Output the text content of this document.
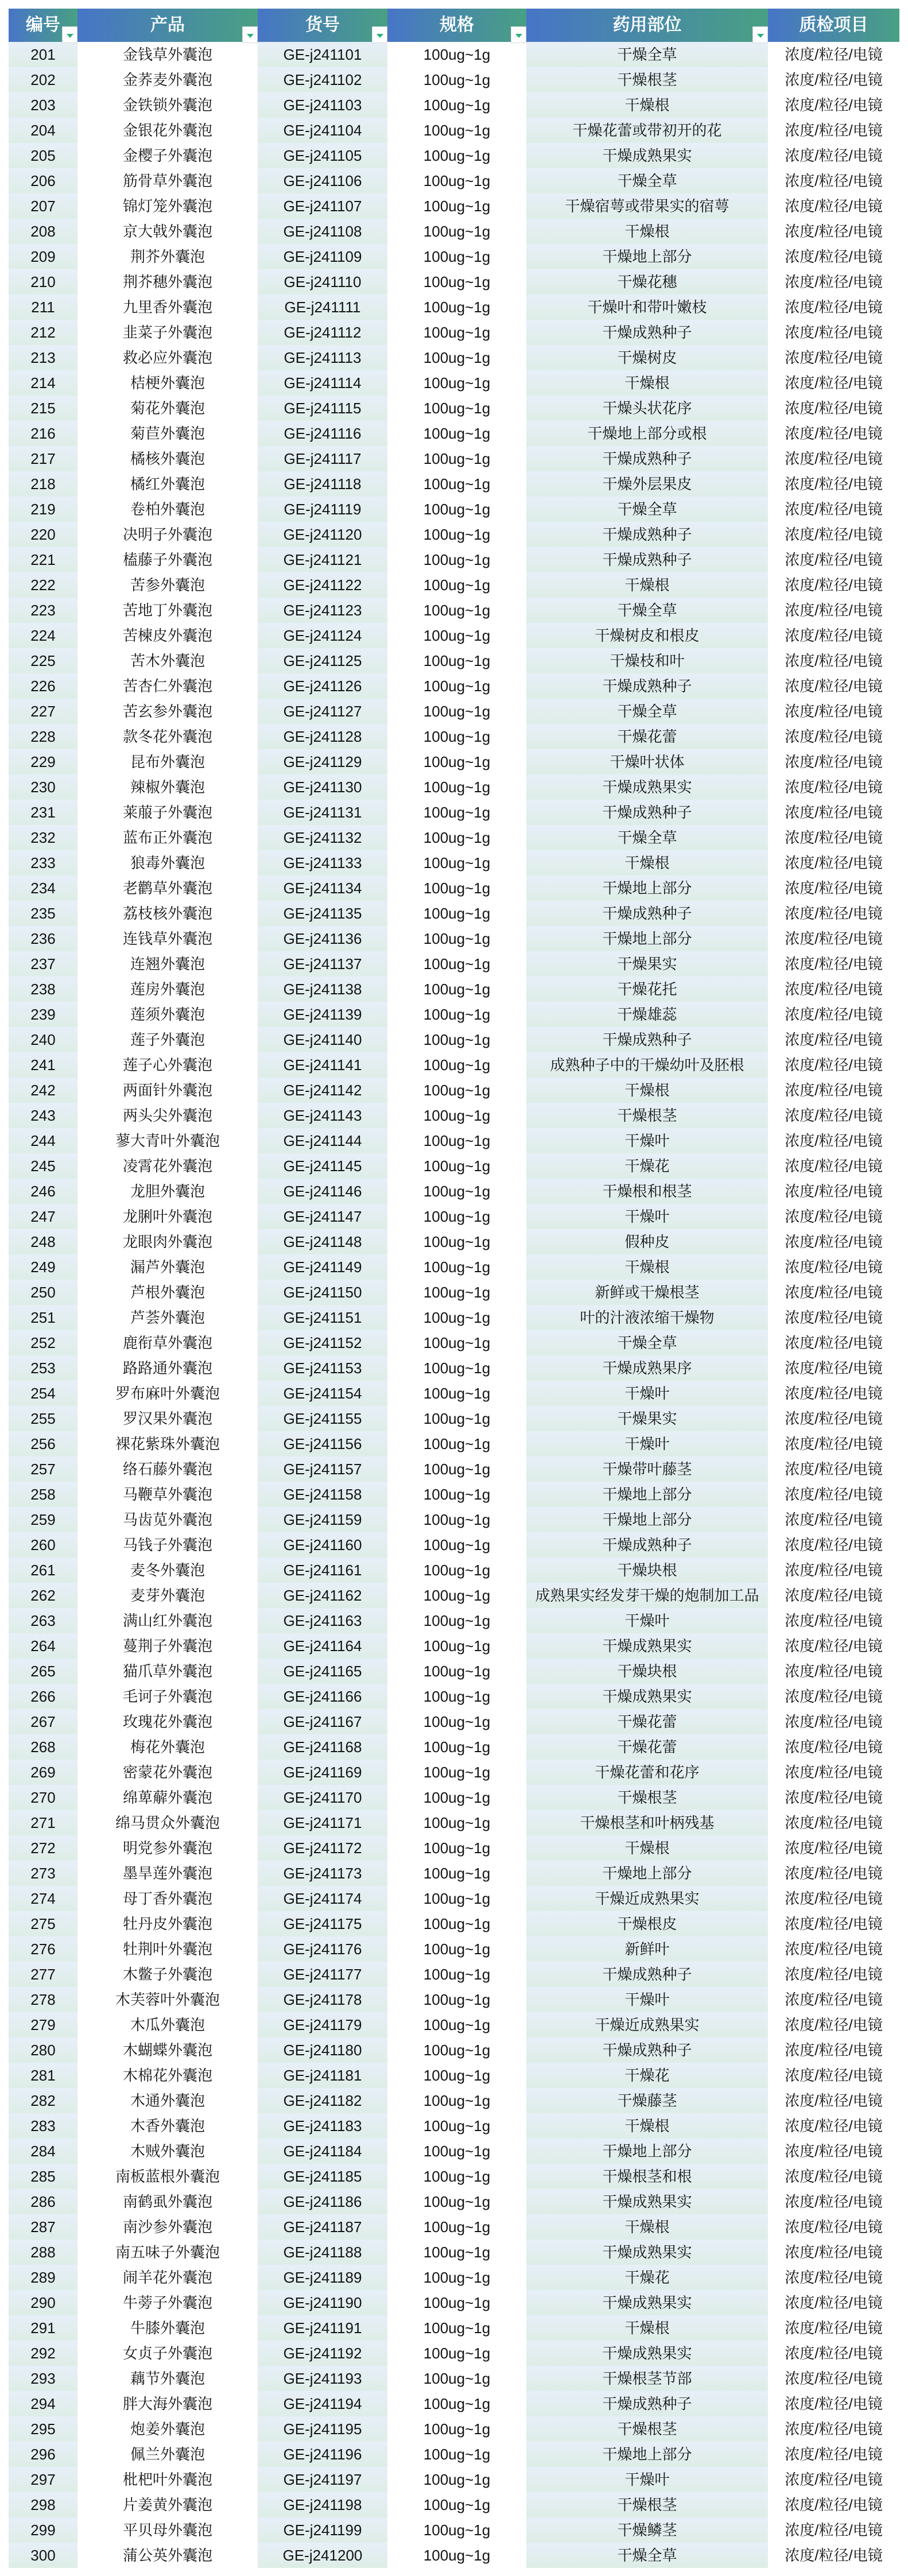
编号	产品	货号	规格	药用部位	质检项目
201	金钱草外囊泡	GE-j241101	100ug~1g	干燥全草	浓度/粒径/电镜
202	金荞麦外囊泡	GE-j241102	100ug~1g	干燥根茎	浓度/粒径/电镜
203	金铁锁外囊泡	GE-j241103	100ug~1g	干燥根	浓度/粒径/电镜
204	金银花外囊泡	GE-j241104	100ug~1g	干燥花蕾或带初开的花	浓度/粒径/电镜
205	金樱子外囊泡	GE-j241105	100ug~1g	干燥成熟果实	浓度/粒径/电镜
206	筋骨草外囊泡	GE-j241106	100ug~1g	干燥全草	浓度/粒径/电镜
207	锦灯笼外囊泡	GE-j241107	100ug~1g	干燥宿萼或带果实的宿萼	浓度/粒径/电镜
208	京大戟外囊泡	GE-j241108	100ug~1g	干燥根	浓度/粒径/电镜
209	荆芥外囊泡	GE-j241109	100ug~1g	干燥地上部分	浓度/粒径/电镜
210	荆芥穗外囊泡	GE-j241110	100ug~1g	干燥花穗	浓度/粒径/电镜
211	九里香外囊泡	GE-j241111	100ug~1g	干燥叶和带叶嫩枝	浓度/粒径/电镜
212	韭菜子外囊泡	GE-j241112	100ug~1g	干燥成熟种子	浓度/粒径/电镜
213	救必应外囊泡	GE-j241113	100ug~1g	干燥树皮	浓度/粒径/电镜
214	桔梗外囊泡	GE-j241114	100ug~1g	干燥根	浓度/粒径/电镜
215	菊花外囊泡	GE-j241115	100ug~1g	干燥头状花序	浓度/粒径/电镜
216	菊苣外囊泡	GE-j241116	100ug~1g	干燥地上部分或根	浓度/粒径/电镜
217	橘核外囊泡	GE-j241117	100ug~1g	干燥成熟种子	浓度/粒径/电镜
218	橘红外囊泡	GE-j241118	100ug~1g	干燥外层果皮	浓度/粒径/电镜
219	卷柏外囊泡	GE-j241119	100ug~1g	干燥全草	浓度/粒径/电镜
220	决明子外囊泡	GE-j241120	100ug~1g	干燥成熟种子	浓度/粒径/电镜
221	榼藤子外囊泡	GE-j241121	100ug~1g	干燥成熟种子	浓度/粒径/电镜
222	苦参外囊泡	GE-j241122	100ug~1g	干燥根	浓度/粒径/电镜
223	苦地丁外囊泡	GE-j241123	100ug~1g	干燥全草	浓度/粒径/电镜
224	苦楝皮外囊泡	GE-j241124	100ug~1g	干燥树皮和根皮	浓度/粒径/电镜
225	苦木外囊泡	GE-j241125	100ug~1g	干燥枝和叶	浓度/粒径/电镜
226	苦杏仁外囊泡	GE-j241126	100ug~1g	干燥成熟种子	浓度/粒径/电镜
227	苦玄参外囊泡	GE-j241127	100ug~1g	干燥全草	浓度/粒径/电镜
228	款冬花外囊泡	GE-j241128	100ug~1g	干燥花蕾	浓度/粒径/电镜
229	昆布外囊泡	GE-j241129	100ug~1g	干燥叶状体	浓度/粒径/电镜
230	辣椒外囊泡	GE-j241130	100ug~1g	干燥成熟果实	浓度/粒径/电镜
231	莱菔子外囊泡	GE-j241131	100ug~1g	干燥成熟种子	浓度/粒径/电镜
232	蓝布正外囊泡	GE-j241132	100ug~1g	干燥全草	浓度/粒径/电镜
233	狼毒外囊泡	GE-j241133	100ug~1g	干燥根	浓度/粒径/电镜
234	老鹳草外囊泡	GE-j241134	100ug~1g	干燥地上部分	浓度/粒径/电镜
235	荔枝核外囊泡	GE-j241135	100ug~1g	干燥成熟种子	浓度/粒径/电镜
236	连钱草外囊泡	GE-j241136	100ug~1g	干燥地上部分	浓度/粒径/电镜
237	连翘外囊泡	GE-j241137	100ug~1g	干燥果实	浓度/粒径/电镜
238	莲房外囊泡	GE-j241138	100ug~1g	干燥花托	浓度/粒径/电镜
239	莲须外囊泡	GE-j241139	100ug~1g	干燥雄蕊	浓度/粒径/电镜
240	莲子外囊泡	GE-j241140	100ug~1g	干燥成熟种子	浓度/粒径/电镜
241	莲子心外囊泡	GE-j241141	100ug~1g	成熟种子中的干燥幼叶及胚根	浓度/粒径/电镜
242	两面针外囊泡	GE-j241142	100ug~1g	干燥根	浓度/粒径/电镜
243	两头尖外囊泡	GE-j241143	100ug~1g	干燥根茎	浓度/粒径/电镜
244	蓼大青叶外囊泡	GE-j241144	100ug~1g	干燥叶	浓度/粒径/电镜
245	凌霄花外囊泡	GE-j241145	100ug~1g	干燥花	浓度/粒径/电镜
246	龙胆外囊泡	GE-j241146	100ug~1g	干燥根和根茎	浓度/粒径/电镜
247	龙脷叶外囊泡	GE-j241147	100ug~1g	干燥叶	浓度/粒径/电镜
248	龙眼肉外囊泡	GE-j241148	100ug~1g	假种皮	浓度/粒径/电镜
249	漏芦外囊泡	GE-j241149	100ug~1g	干燥根	浓度/粒径/电镜
250	芦根外囊泡	GE-j241150	100ug~1g	新鲜或干燥根茎	浓度/粒径/电镜
251	芦荟外囊泡	GE-j241151	100ug~1g	叶的汁液浓缩干燥物	浓度/粒径/电镜
252	鹿衔草外囊泡	GE-j241152	100ug~1g	干燥全草	浓度/粒径/电镜
253	路路通外囊泡	GE-j241153	100ug~1g	干燥成熟果序	浓度/粒径/电镜
254	罗布麻叶外囊泡	GE-j241154	100ug~1g	干燥叶	浓度/粒径/电镜
255	罗汉果外囊泡	GE-j241155	100ug~1g	干燥果实	浓度/粒径/电镜
256	裸花紫珠外囊泡	GE-j241156	100ug~1g	干燥叶	浓度/粒径/电镜
257	络石藤外囊泡	GE-j241157	100ug~1g	干燥带叶藤茎	浓度/粒径/电镜
258	马鞭草外囊泡	GE-j241158	100ug~1g	干燥地上部分	浓度/粒径/电镜
259	马齿苋外囊泡	GE-j241159	100ug~1g	干燥地上部分	浓度/粒径/电镜
260	马钱子外囊泡	GE-j241160	100ug~1g	干燥成熟种子	浓度/粒径/电镜
261	麦冬外囊泡	GE-j241161	100ug~1g	干燥块根	浓度/粒径/电镜
262	麦芽外囊泡	GE-j241162	100ug~1g	成熟果实经发芽干燥的炮制加工品	浓度/粒径/电镜
263	满山红外囊泡	GE-j241163	100ug~1g	干燥叶	浓度/粒径/电镜
264	蔓荆子外囊泡	GE-j241164	100ug~1g	干燥成熟果实	浓度/粒径/电镜
265	猫爪草外囊泡	GE-j241165	100ug~1g	干燥块根	浓度/粒径/电镜
266	毛诃子外囊泡	GE-j241166	100ug~1g	干燥成熟果实	浓度/粒径/电镜
267	玫瑰花外囊泡	GE-j241167	100ug~1g	干燥花蕾	浓度/粒径/电镜
268	梅花外囊泡	GE-j241168	100ug~1g	干燥花蕾	浓度/粒径/电镜
269	密蒙花外囊泡	GE-j241169	100ug~1g	干燥花蕾和花序	浓度/粒径/电镜
270	绵萆薢外囊泡	GE-j241170	100ug~1g	干燥根茎	浓度/粒径/电镜
271	绵马贯众外囊泡	GE-j241171	100ug~1g	干燥根茎和叶柄残基	浓度/粒径/电镜
272	明党参外囊泡	GE-j241172	100ug~1g	干燥根	浓度/粒径/电镜
273	墨旱莲外囊泡	GE-j241173	100ug~1g	干燥地上部分	浓度/粒径/电镜
274	母丁香外囊泡	GE-j241174	100ug~1g	干燥近成熟果实	浓度/粒径/电镜
275	牡丹皮外囊泡	GE-j241175	100ug~1g	干燥根皮	浓度/粒径/电镜
276	牡荆叶外囊泡	GE-j241176	100ug~1g	新鲜叶	浓度/粒径/电镜
277	木鳖子外囊泡	GE-j241177	100ug~1g	干燥成熟种子	浓度/粒径/电镜
278	木芙蓉叶外囊泡	GE-j241178	100ug~1g	干燥叶	浓度/粒径/电镜
279	木瓜外囊泡	GE-j241179	100ug~1g	干燥近成熟果实	浓度/粒径/电镜
280	木蝴蝶外囊泡	GE-j241180	100ug~1g	干燥成熟种子	浓度/粒径/电镜
281	木棉花外囊泡	GE-j241181	100ug~1g	干燥花	浓度/粒径/电镜
282	木通外囊泡	GE-j241182	100ug~1g	干燥藤茎	浓度/粒径/电镜
283	木香外囊泡	GE-j241183	100ug~1g	干燥根	浓度/粒径/电镜
284	木贼外囊泡	GE-j241184	100ug~1g	干燥地上部分	浓度/粒径/电镜
285	南板蓝根外囊泡	GE-j241185	100ug~1g	干燥根茎和根	浓度/粒径/电镜
286	南鹤虱外囊泡	GE-j241186	100ug~1g	干燥成熟果实	浓度/粒径/电镜
287	南沙参外囊泡	GE-j241187	100ug~1g	干燥根	浓度/粒径/电镜
288	南五味子外囊泡	GE-j241188	100ug~1g	干燥成熟果实	浓度/粒径/电镜
289	闹羊花外囊泡	GE-j241189	100ug~1g	干燥花	浓度/粒径/电镜
290	牛蒡子外囊泡	GE-j241190	100ug~1g	干燥成熟果实	浓度/粒径/电镜
291	牛膝外囊泡	GE-j241191	100ug~1g	干燥根	浓度/粒径/电镜
292	女贞子外囊泡	GE-j241192	100ug~1g	干燥成熟果实	浓度/粒径/电镜
293	藕节外囊泡	GE-j241193	100ug~1g	干燥根茎节部	浓度/粒径/电镜
294	胖大海外囊泡	GE-j241194	100ug~1g	干燥成熟种子	浓度/粒径/电镜
295	炮姜外囊泡	GE-j241195	100ug~1g	干燥根茎	浓度/粒径/电镜
296	佩兰外囊泡	GE-j241196	100ug~1g	干燥地上部分	浓度/粒径/电镜
297	枇杷叶外囊泡	GE-j241197	100ug~1g	干燥叶	浓度/粒径/电镜
298	片姜黄外囊泡	GE-j241198	100ug~1g	干燥根茎	浓度/粒径/电镜
299	平贝母外囊泡	GE-j241199	100ug~1g	干燥鳞茎	浓度/粒径/电镜
300	蒲公英外囊泡	GE-j241200	100ug~1g	干燥全草	浓度/粒径/电镜
